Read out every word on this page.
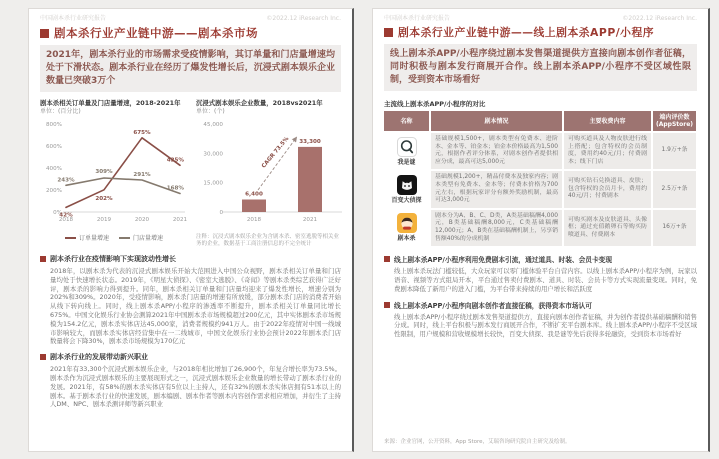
中国剧本杀行业研究报告	©2022.12 iResearch Inc.
剧本杀行业产业链中游——剧本杀市场
2021年，剧本杀行业的市场需求受疫情影响，其订单量和门店量增速均处于下滑状态。剧本杀行业在经历了爆发性增长后，沉浸式剧本娱乐企业数量已突破3万个
剧本杀相关订单量及门店量增速，2018-2021年
单位：(百分比)
0%
200%
400%
600%
800%
2018	2019	2020	2021
42%
202%
675%
425%
243%
309%	291%
168%
订单量增速	门店量增速
沉浸式剧本娱乐企业数量，2018vs2021年
单位：(个)
0
15,000
30,000
45,000
6,400
2018
33,300
2021
CAGR 73.5%
注释：沉浸式剧本娱乐企业为含剧本杀、密室逃脱等相关业务的企业，数据基于工商注册信息的不完全统计
剧本杀行业在疫情影响下实现波动性增长
2018年，以剧本杀为代表的沉浸式剧本娱乐开始大范围进入中国公众视野，剧本杀相关订单量和门店量均处于快速增长状态。2019年，《明星大侦探》、《密室大逃脱》、《奇闻》等剧本杀类综艺获得广泛好评，剧本杀的影响力得到提升。同年，剧本杀相关订单量和门店量均迎来了爆发性增长，增速分别为202%和309%。2020年，受疫情影响，剧本杀门店量的增速有所放缓，部分剧本杀门店的消费者开始从线下转向线上。同时，线上剧本杀APP/小程序的渗透率不断提升，剧本杀相关订单量同比增长675%。中国文化娱乐行业协会测算2021年中国剧本杀市场规模超过200亿元，其中实体剧本杀市场规模为154.2亿元，剧本杀实体店达45,000家，消费者规模约941万人。由于2022年疫情对中国一线城市影响较大，而剧本杀实体店经营集中在一二线城市，中国文化娱乐行业协会预计2022年剧本杀门店数量将会下降30%，剧本杀市场规模为170亿元
剧本杀行业的发展带动新兴职业
2021年有33,300个沉浸式剧本娱乐企业，与2018年相比增加了26,900个，年复合增长率为73.5%。剧本杀作为沉浸式剧本娱乐的主要展现形式之一，沉浸式剧本娱乐企业数量的增长带动了剧本杀行业的发展。2021年，有58%的剧本杀实体店有5位以上主持人，还有32%的剧本杀实体店拥有51本以上的剧本。基于剧本杀行业的快速发展，剧本编剧、剧本作者等剧本内容创作需求相应增加，并衍生了主持人DM、NPC、剧本杀测评师等新兴职业
中国剧本杀行业研究报告	©2022.12 iResearch Inc.
剧本杀行业产业链中游——线上剧本杀APP/小程序
线上剧本杀APP/小程序绕过剧本发售渠道提供方直接向剧本创作者征稿，同时积极与剧本发行商展开合作。线上剧本杀APP/小程序不受区域性限制，受到资本市场看好
主流线上剧本杀APP/小程序的对比
名称	剧本情况	主要收费内容	端内评价数 (AppStore)

我是谜	基础规模1,500+，剧本类型有免费本、进阶本、金本等、铂金本；铂金本价格最高为1,500元，根据作者评分体系，对剧本创作者提供相应分成，最高可达5,000元	可购买道具及人物皮肤进行线上搭配；包含特权的会员制度，费用约40元/月；付费剧本；线下门店	1.9万+条

百变大侦探	基础规模1,200+，精品付费本及独家内容；剧本类型有免费本、金本等；付费本价格为700元左右，根据玩家评分有额外奖励机制，最高可达3,000元	可购买钻石兑换道具、皮肤；包含特权的会员月卡，费用约40元/月；付费剧本	2.5万+条

剧本杀	剧本分为A、B、C、D类，A类基础稿酬4,000元，B类基础稿酬8,000元，C类基础稿酬12,000元；A、B类在基础稿酬机制上，另享销售额40%的分成机制	可购买剧本及皮肤道具、头像框；通过充值鹅卵石等购买防喷道具、付费剧本	16万+条
线上剧本杀APP/小程序利用免费剧本引流，通过道具、时装、会员卡变现
线上剧本杀玩法门槛较低，大众玩家可以零门槛体验平台自营内容。以线上剧本杀APP/小程序为例，玩家以语音、视频等方式组局开本，平台通过售卖付费剧本、道具、时装、会员卡等方式实现流量变现。同时，免费剧本降低了新用户的进入门槛，为平台带来持续的用户增长和活跃度
线上剧本杀APP/小程序向剧本创作者直接征稿，获得资本市场认可
线上剧本杀APP/小程序绕过剧本发售渠道提供方，直接向剧本创作者征稿，并为创作者提供基础稿酬和销售分成。同时，线上平台积极与剧本发行商展开合作，不断扩充平台剧本库。线上剧本杀APP/小程序不受区域性限制，用户规模和营收规模增长较快，百变大侦探、我是谜等先后获得多轮融资，受到资本市场看好
来源：企业官网，公开资料，App Store，艾瑞咨询研究院自主研究及绘制。
